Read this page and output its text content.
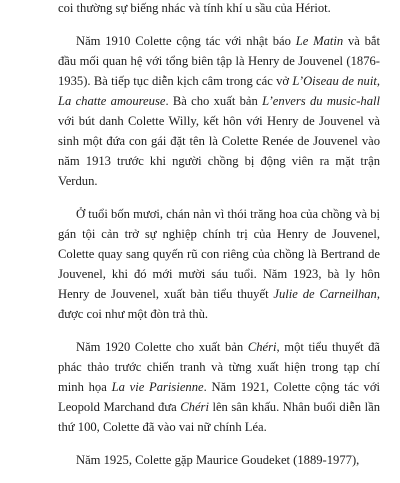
coi thường sự biếng nhác và tính khí u sầu của Hériot.

Năm 1910 Colette cộng tác với nhật báo Le Matin và bắt đầu mối quan hệ với tổng biên tập là Henry de Jouvenel (1876-1935). Bà tiếp tục diễn kịch câm trong các vở L’Oiseau de nuit, La chatte amoureuse. Bà cho xuất bản L’envers du music-hall với bút danh Colette Willy, kết hôn với Henry de Jouvenel và sinh một đứa con gái đặt tên là Colette Renée de Jouvenel vào năm 1913 trước khi người chồng bị động viên ra mặt trận Verdun.

Ở tuổi bốn mươi, chán nản vì thói trăng hoa của chồng và bị gán tội cản trở sự nghiệp chính trị của Henry de Jouvenel, Colette quay sang quyến rũ con riêng của chồng là Bertrand de Jouvenel, khi đó mới mười sáu tuổi. Năm 1923, bà ly hôn Henry de Jouvenel, xuất bản tiểu thuyết Julie de Carneilhan, được coi như một đòn trả thù.

Năm 1920 Colette cho xuất bản Chéri, một tiểu thuyết đã phác thảo trước chiến tranh và từng xuất hiện trong tạp chí minh họa La vie Parisienne. Năm 1921, Colette cộng tác với Leopold Marchand đưa Chéri lên sân khấu. Nhân buổi diễn lần thứ 100, Colette đã vào vai nữ chính Léa.

Năm 1925, Colette gặp Maurice Goudeket (1889-1977),
